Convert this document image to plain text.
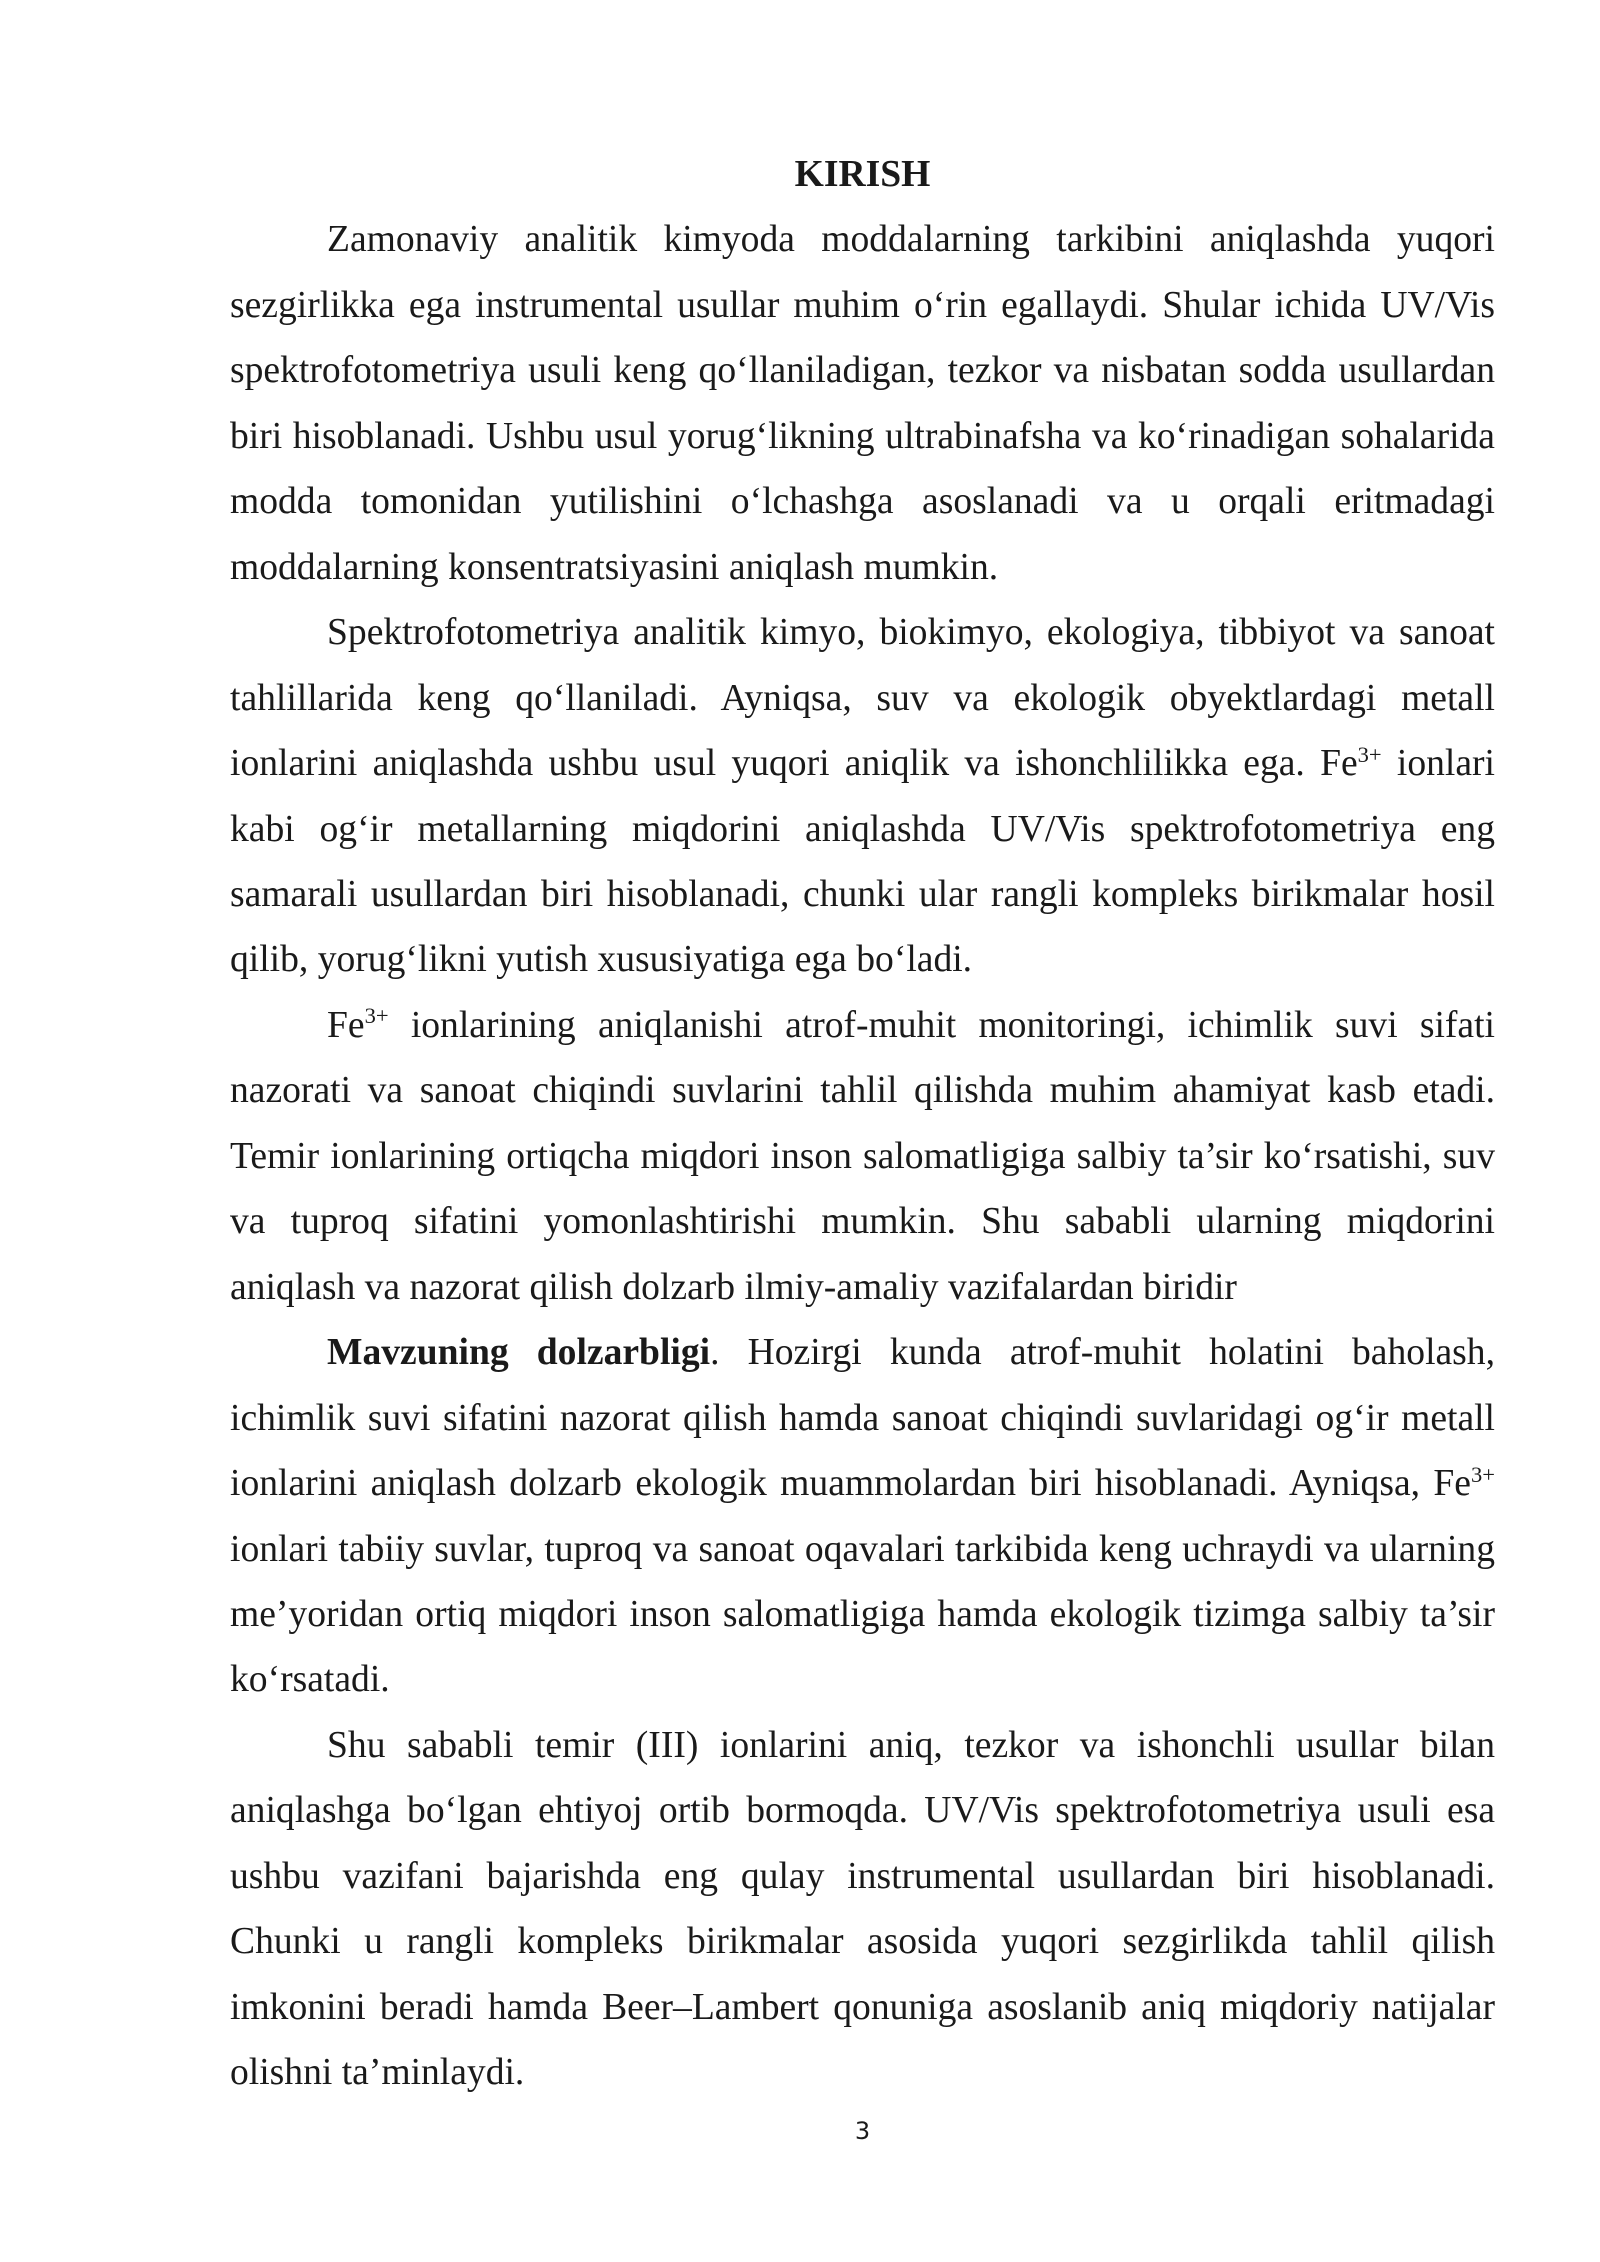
KIRISH

Zamonaviy analitik kimyoda moddalarning tarkibini aniqlashda yuqori sezgirlikka ega instrumental usullar muhim o‘rin egallaydi. Shular ichida UV/Vis spektrofotometriya usuli keng qo‘llaniladigan, tezkor va nisbatan sodda usullardan biri hisoblanadi. Ushbu usul yorug‘likning ultrabinafsha va ko‘rinadigan sohalarida modda tomonidan yutilishini o‘lchashga asoslanadi va u orqali eritmadagi moddalarning konsentratsiyasini aniqlash mumkin.

Spektrofotometriya analitik kimyo, biokimyo, ekologiya, tibbiyot va sanoat tahlillarida keng qo‘llaniladi. Ayniqsa, suv va ekologik obyektlardagi metall ionlarini aniqlashda ushbu usul yuqori aniqlik va ishonchlilikka ega. $Fe^{3+}$ ionlari kabi og‘ir metallarning miqdorini aniqlashda UV/Vis spektrofotometriya eng samarali usullardan biri hisoblanadi, chunki ular rangli kompleks birikmalar hosil qilib, yorug‘likni yutish xususiyatiga ega bo‘ladi.

$Fe^{3+}$ ionlarining aniqlanishi atrof-muhit monitoringi, ichimlik suvi sifati nazorati va sanoat chiqindi suvlarini tahlil qilishda muhim ahamiyat kasb etadi. Temir ionlarining ortiqcha miqdori inson salomatligiga salbiy ta’sir ko‘rsatishi, suv va tuproq sifatini yomonlashtirishi mumkin. Shu sababli ularning miqdorini aniqlash va nazorat qilish dolzarb ilmiy-amaliy vazifalardan biridir

Mavzuning dolzarbligi. Hozirgi kunda atrof-muhit holatini baholash, ichimlik suvi sifatini nazorat qilish hamda sanoat chiqindi suvlaridagi og‘ir metall ionlarini aniqlash dolzarb ekologik muammolardan biri hisoblanadi. Ayniqsa, $Fe^{3+}$ ionlari tabiiy suvlar, tuproq va sanoat oqavalari tarkibida keng uchraydi va ularning me’yoridan ortiq miqdori inson salomatligiga hamda ekologik tizimga salbiy ta’sir ko‘rsatadi.

Shu sababli temir (III) ionlarini aniq, tezkor va ishonchli usullar bilan aniqlashga bo‘lgan ehtiyoj ortib bormoqda. UV/Vis spektrofotometriya usuli esa ushbu vazifani bajarishda eng qulay instrumental usullardan biri hisoblanadi. Chunki u rangli kompleks birikmalar asosida yuqori sezgirlikda tahlil qilish imkonini beradi hamda Beer–Lambert qonuniga asoslanib aniq miqdoriy natijalar olishni ta’minlaydi.

3
